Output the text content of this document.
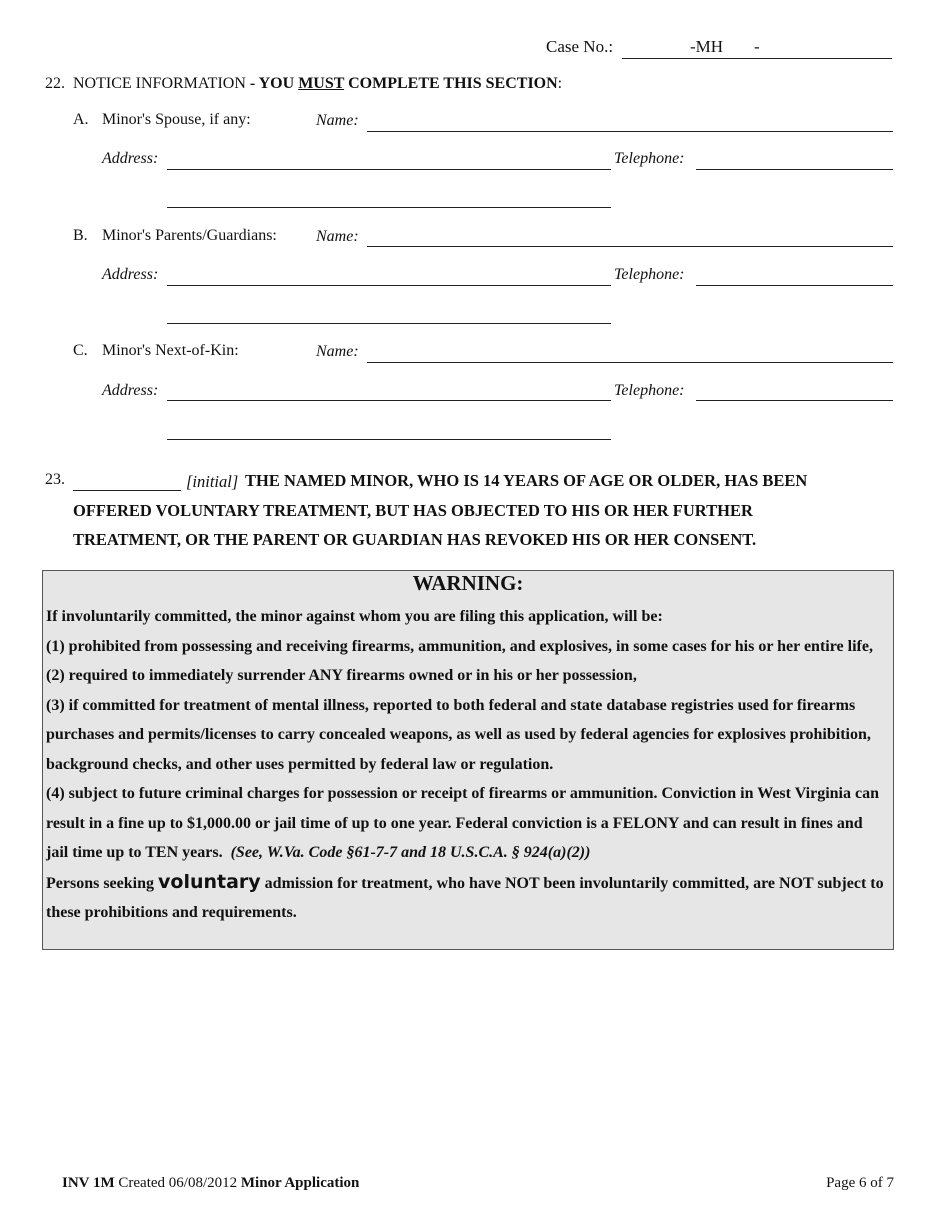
Case No.:	-MH -
22. NOTICE INFORMATION - YOU MUST COMPLETE THIS SECTION:
A. Minor's Spouse, if any:	Name:
Address:	Telephone:
B. Minor's Parents/Guardians: Name:
Address:	Telephone:
C. Minor's Next-of-Kin:	Name:
Address:	Telephone:
23.	[initial] THE NAMED MINOR, WHO IS 14 YEARS OF AGE OR OLDER, HAS BEEN
OFFERED VOLUNTARY TREATMENT, BUT HAS OBJECTED TO HIS OR HER FURTHER
TREATMENT, OR THE PARENT OR GUARDIAN HAS REVOKED HIS OR HER CONSENT.
WARNING:
If involuntarily committed, the minor against whom you are filing this application, will be:
(1) prohibited from possessing and receiving firearms, ammunition, and explosives, in some cases for his or her entire life,
(2) required to immediately surrender ANY firearms owned or in his or her possession,
(3) if committed for treatment of mental illness, reported to both federal and state database registries used for firearms purchases and permits/licenses to carry concealed weapons, as well as used by federal agencies for explosives prohibition, background checks, and other uses permitted by federal law or regulation.
(4) subject to future criminal charges for possession or receipt of firearms or ammunition. Conviction in West Virginia can result in a fine up to $1,000.00 or jail time of up to one year. Federal conviction is a FELONY and can result in fines and jail time up to TEN years. (See, W.Va. Code §61-7-7 and 18 U.S.C.A. § 924(a)(2))
Persons seeking voluntary admission for treatment, who have NOT been involuntarily committed, are NOT subject to these prohibitions and requirements.
INV 1M Created 06/08/2012 Minor Application	Page 6 of 7
